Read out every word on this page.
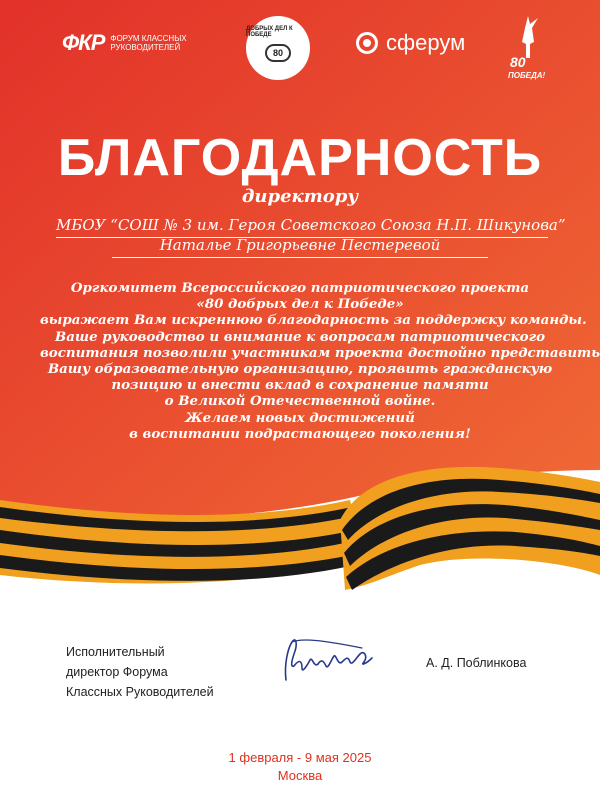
ФКР ФОРУМ КЛАССНЫХ
РУКОВОДИТЕЛЕЙ
ДОБРЫХ ДЕЛ К ПОБЕДЕ
80	сферум
80
ПОБЕДА!
БЛАГОДАРНОСТЬ
директору
МБОУ “СОШ № 3 им. Героя Советского Союза Н.П. Шикунова”
Наталье Григорьевне Пестеревой
Оргкомитет Всероссийского патриотического проекта
«80 добрых дел к Победе»
выражает Вам искреннюю благодарность за поддержку команды.
Ваше руководство и внимание к вопросам патриотического
воспитания позволили участникам проекта достойно представить
Вашу образовательную организацию, проявить гражданскую
позицию и внести вклад в сохранение памяти
о Великой Отечественной войне.
Желаем новых достижений
в воспитании подрастающего поколения!
Исполнительный
директор Форума
Классных Руководителей
А. Д. Поблинкова
1 февраля - 9 мая 2025
Москва
